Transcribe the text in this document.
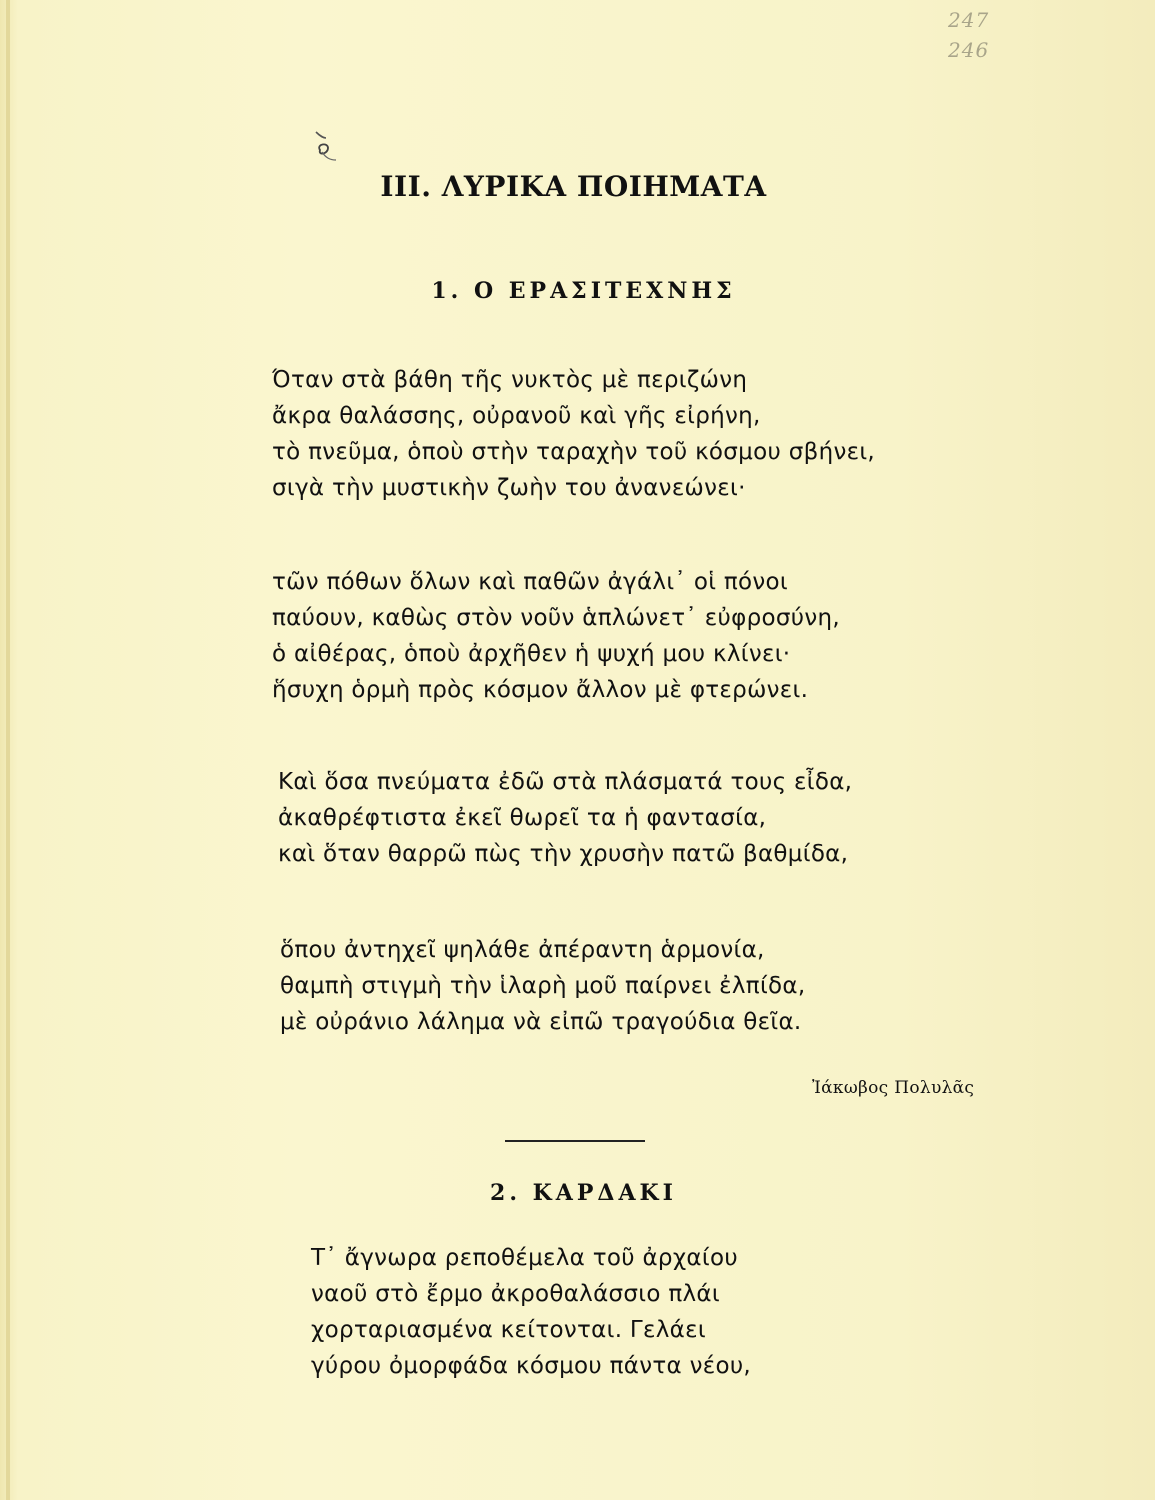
247
246
III. ΛΥΡΙΚΑ ΠΟΙΗΜΑΤΑ
1. Ο ΕΡΑΣΙΤΕΧΝΗΣ
Όταν στὰ βάθη τῆς νυκτὸς μὲ περιζώνη
ἄκρα θαλάσσης, οὐρανοῦ καὶ γῆς εἰρήνη,
τὸ πνεῦμα, ὁποὺ στὴν ταραχὴν τοῦ κόσμου σβήνει,
σιγὰ τὴν μυστικὴν ζωὴν του ἀνανεώνει·
τῶν πόθων ὅλων καὶ παθῶν ἀγάλι᾽ οἱ πόνοι
παύουν, καθὼς στὸν νοῦν ἁπλώνετ᾽ εὐφροσύνη,
ὁ αἰθέρας, ὁποὺ ἀρχῆθεν ἡ ψυχή μου κλίνει·
ἥσυχη ὁρμὴ πρὸς κόσμον ἄλλον μὲ φτερώνει.
Καὶ ὅσα πνεύματα ἐδῶ στὰ πλάσματά τους εἶδα,
ἀκαθρέφτιστα ἐκεῖ θωρεῖ τα ἡ φαντασία,
καὶ ὅταν θαρρῶ πὼς τὴν χρυσὴν πατῶ βαθμίδα,
ὅπου ἀντηχεῖ ψηλάθε ἀπέραντη ἁρμονία,
θαμπὴ στιγμὴ τὴν ἱλαρὴ μοῦ παίρνει ἐλπίδα,
μὲ οὐράνιο λάλημα νὰ εἰπῶ τραγούδια θεῖα.
Ἰάκωβος Πολυλᾶς
2. ΚΑΡΔΑΚΙ
Τ᾽ ἄγνωρα ρεποθέμελα τοῦ ἀρχαίου
ναοῦ στὸ ἔρμο ἀκροθαλάσσιο πλάι
χορταριασμένα κείτονται. Γελάει
γύρου ὀμορφάδα κόσμου πάντα νέου,
